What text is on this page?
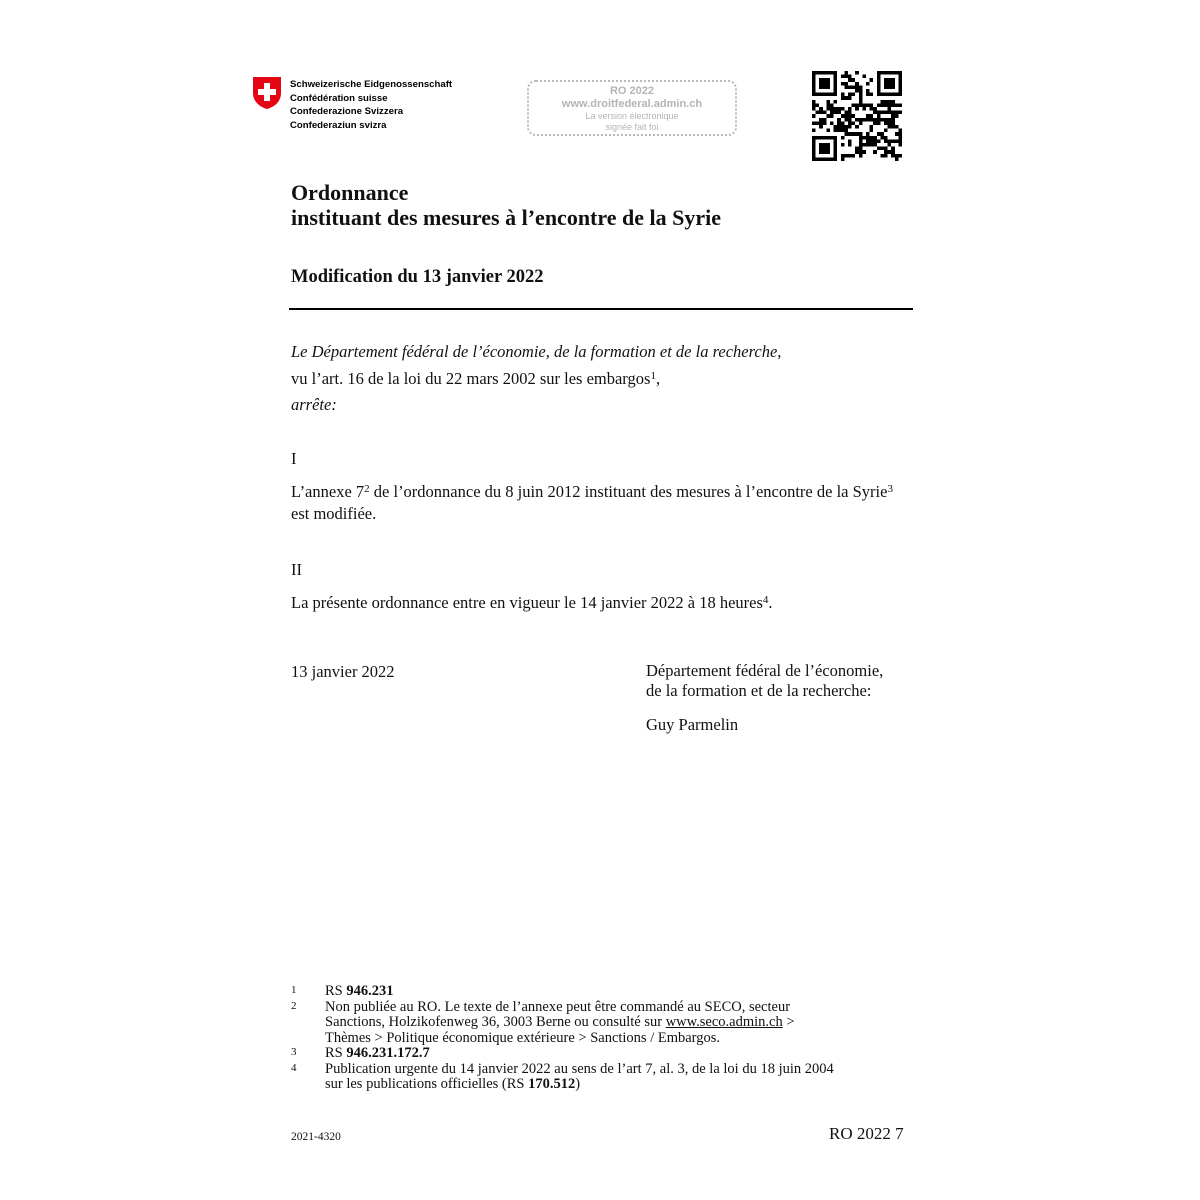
Schweizerische Eidgenossenschaft
Confédération suisse
Confederazione Svizzera
Confederaziun svizra
RO 2022
www.droitfederal.admin.ch
La version électronique
signée fait foi
Ordonnance
instituant des mesures à l’encontre de la Syrie
Modification du 13 janvier 2022
Le Département fédéral de l’économie, de la formation et de la recherche,
vu l’art. 16 de la loi du 22 mars 2002 sur les embargos$^1$,
arrête:
I
L’annexe 7$^2$ de l’ordonnance du 8 juin 2012 instituant des mesures à l’encontre de la Syrie$^3$ est modifiée.
II
La présente ordonnance entre en vigueur le 14 janvier 2022 à 18 heures$^4$.
13 janvier 2022	Département fédéral de l’économie,
de la formation et de la recherche:
Guy Parmelin
1	RS 946.231
2	Non publiée au RO. Le texte de l’annexe peut être commandé au SECO, secteur
Sanctions, Holzikofenweg 36, 3003 Berne ou consulté sur www.seco.admin.ch >
Thèmes > Politique économique extérieure > Sanctions / Embargos.
3	RS 946.231.172.7
4	Publication urgente du 14 janvier 2022 au sens de l’art 7, al. 3, de la loi du 18 juin 2004
sur les publications officielles (RS 170.512)
2021-4320	RO 2022 7
